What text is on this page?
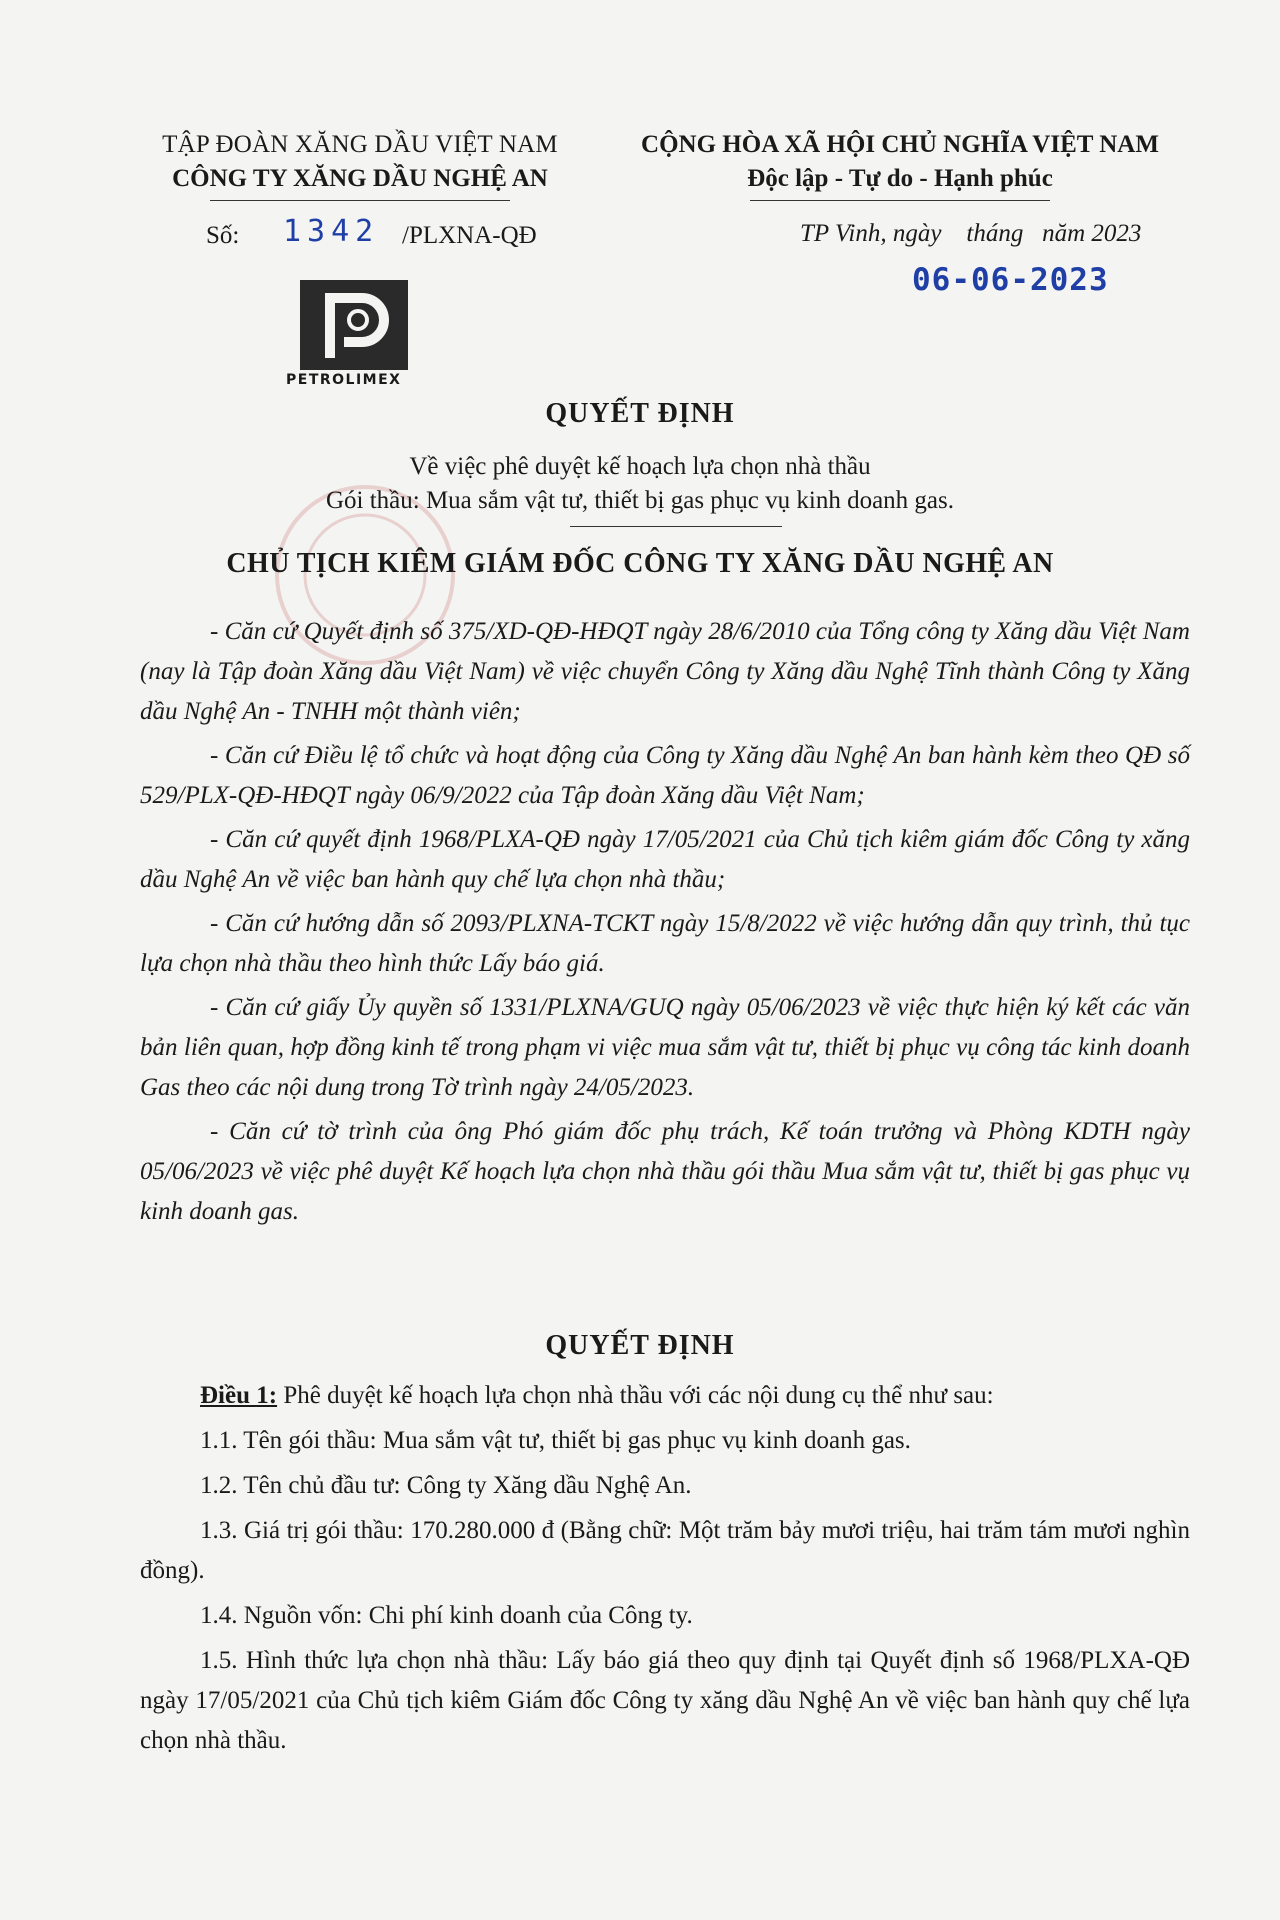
TẬP ĐOÀN XĂNG DẦU VIỆT NAM
CÔNG TY XĂNG DẦU NGHỆ AN
CỘNG HÒA XÃ HỘI CHỦ NGHĨA VIỆT NAM
Độc lập - Tự do - Hạnh phúc
Số: 1342 /PLXNA-QĐ	TP Vinh, ngày    tháng   năm 2023
06-06-2023
PETROLIMEX
QUYẾT ĐỊNH
Về việc phê duyệt kế hoạch lựa chọn nhà thầu
Gói thầu: Mua sắm vật tư, thiết bị gas phục vụ kinh doanh gas.
CHỦ TỊCH KIÊM GIÁM ĐỐC CÔNG TY XĂNG DẦU NGHỆ AN

- Căn cứ Quyết định số 375/XD-QĐ-HĐQT ngày 28/6/2010 của Tổng công ty Xăng dầu Việt Nam (nay là Tập đoàn Xăng dầu Việt Nam) về việc chuyển Công ty Xăng dầu Nghệ Tĩnh thành Công ty Xăng dầu Nghệ An - TNHH một thành viên;

- Căn cứ Điều lệ tổ chức và hoạt động của Công ty Xăng dầu Nghệ An ban hành kèm theo QĐ số 529/PLX-QĐ-HĐQT ngày 06/9/2022 của Tập đoàn Xăng dầu Việt Nam;

- Căn cứ quyết định 1968/PLXA-QĐ ngày 17/05/2021 của Chủ tịch kiêm giám đốc Công ty xăng dầu Nghệ An về việc ban hành quy chế lựa chọn nhà thầu;

- Căn cứ hướng dẫn số 2093/PLXNA-TCKT ngày 15/8/2022 về việc hướng dẫn quy trình, thủ tục lựa chọn nhà thầu theo hình thức Lấy báo giá.

- Căn cứ giấy Ủy quyền số 1331/PLXNA/GUQ ngày 05/06/2023 về việc thực hiện ký kết các văn bản liên quan, hợp đồng kinh tế trong phạm vi việc mua sắm vật tư, thiết bị phục vụ công tác kinh doanh Gas theo các nội dung trong Tờ trình ngày 24/05/2023.

- Căn cứ tờ trình của ông Phó giám đốc phụ trách, Kế toán trưởng và Phòng KDTH ngày 05/06/2023 về việc phê duyệt Kế hoạch lựa chọn nhà thầu gói thầu Mua sắm vật tư, thiết bị gas phục vụ kinh doanh gas.

QUYẾT ĐỊNH

Điều 1: Phê duyệt kế hoạch lựa chọn nhà thầu với các nội dung cụ thể như sau:

1.1. Tên gói thầu: Mua sắm vật tư, thiết bị gas phục vụ kinh doanh gas.

1.2. Tên chủ đầu tư: Công ty Xăng dầu Nghệ An.

1.3. Giá trị gói thầu: 170.280.000 đ (Bằng chữ: Một trăm bảy mươi triệu, hai trăm tám mươi nghìn đồng).

1.4. Nguồn vốn: Chi phí kinh doanh của Công ty.

1.5. Hình thức lựa chọn nhà thầu: Lấy báo giá theo quy định tại Quyết định số 1968/PLXA-QĐ ngày 17/05/2021 của Chủ tịch kiêm Giám đốc Công ty xăng dầu Nghệ An về việc ban hành quy chế lựa chọn nhà thầu.
